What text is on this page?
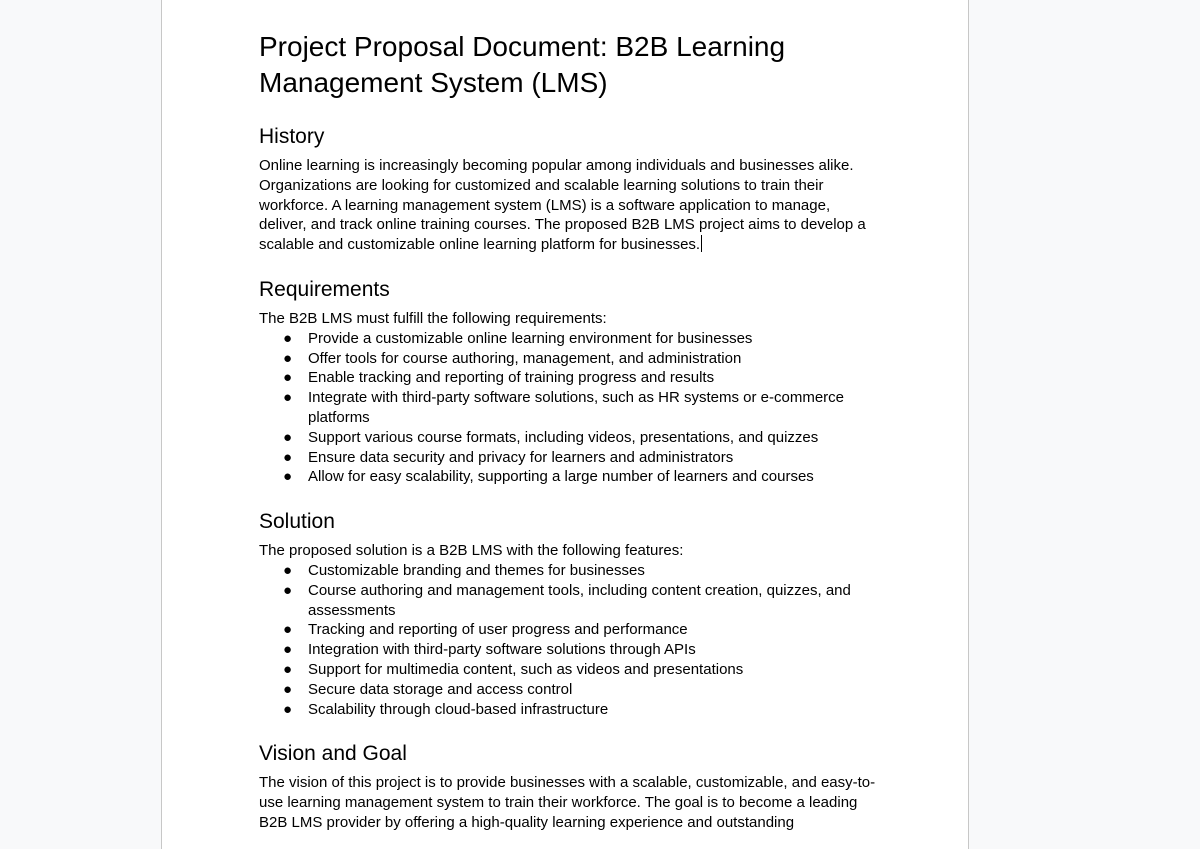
Project Proposal Document: B2B Learning Management System (LMS)
History

Online learning is increasingly becoming popular among individuals and businesses alike. Organizations are looking for customized and scalable learning solutions to train their workforce. A learning management system (LMS) is a software application to manage, deliver, and track online training courses. The proposed B2B LMS project aims to develop a scalable and customizable online learning platform for businesses.

Requirements

The B2B LMS must fulfill the following requirements:

● Provide a customizable online learning environment for businesses
● Offer tools for course authoring, management, and administration
● Enable tracking and reporting of training progress and results
● Integrate with third-party software solutions, such as HR systems or e-commerce platforms
● Support various course formats, including videos, presentations, and quizzes
● Ensure data security and privacy for learners and administrators
● Allow for easy scalability, supporting a large number of learners and courses
Solution

The proposed solution is a B2B LMS with the following features:

● Customizable branding and themes for businesses
● Course authoring and management tools, including content creation, quizzes, and assessments
● Tracking and reporting of user progress and performance
● Integration with third-party software solutions through APIs
● Support for multimedia content, such as videos and presentations
● Secure data storage and access control
● Scalability through cloud-based infrastructure
Vision and Goal

The vision of this project is to provide businesses with a scalable, customizable, and easy-to-use learning management system to train their workforce. The goal is to become a leading B2B LMS provider by offering a high-quality learning experience and outstanding
